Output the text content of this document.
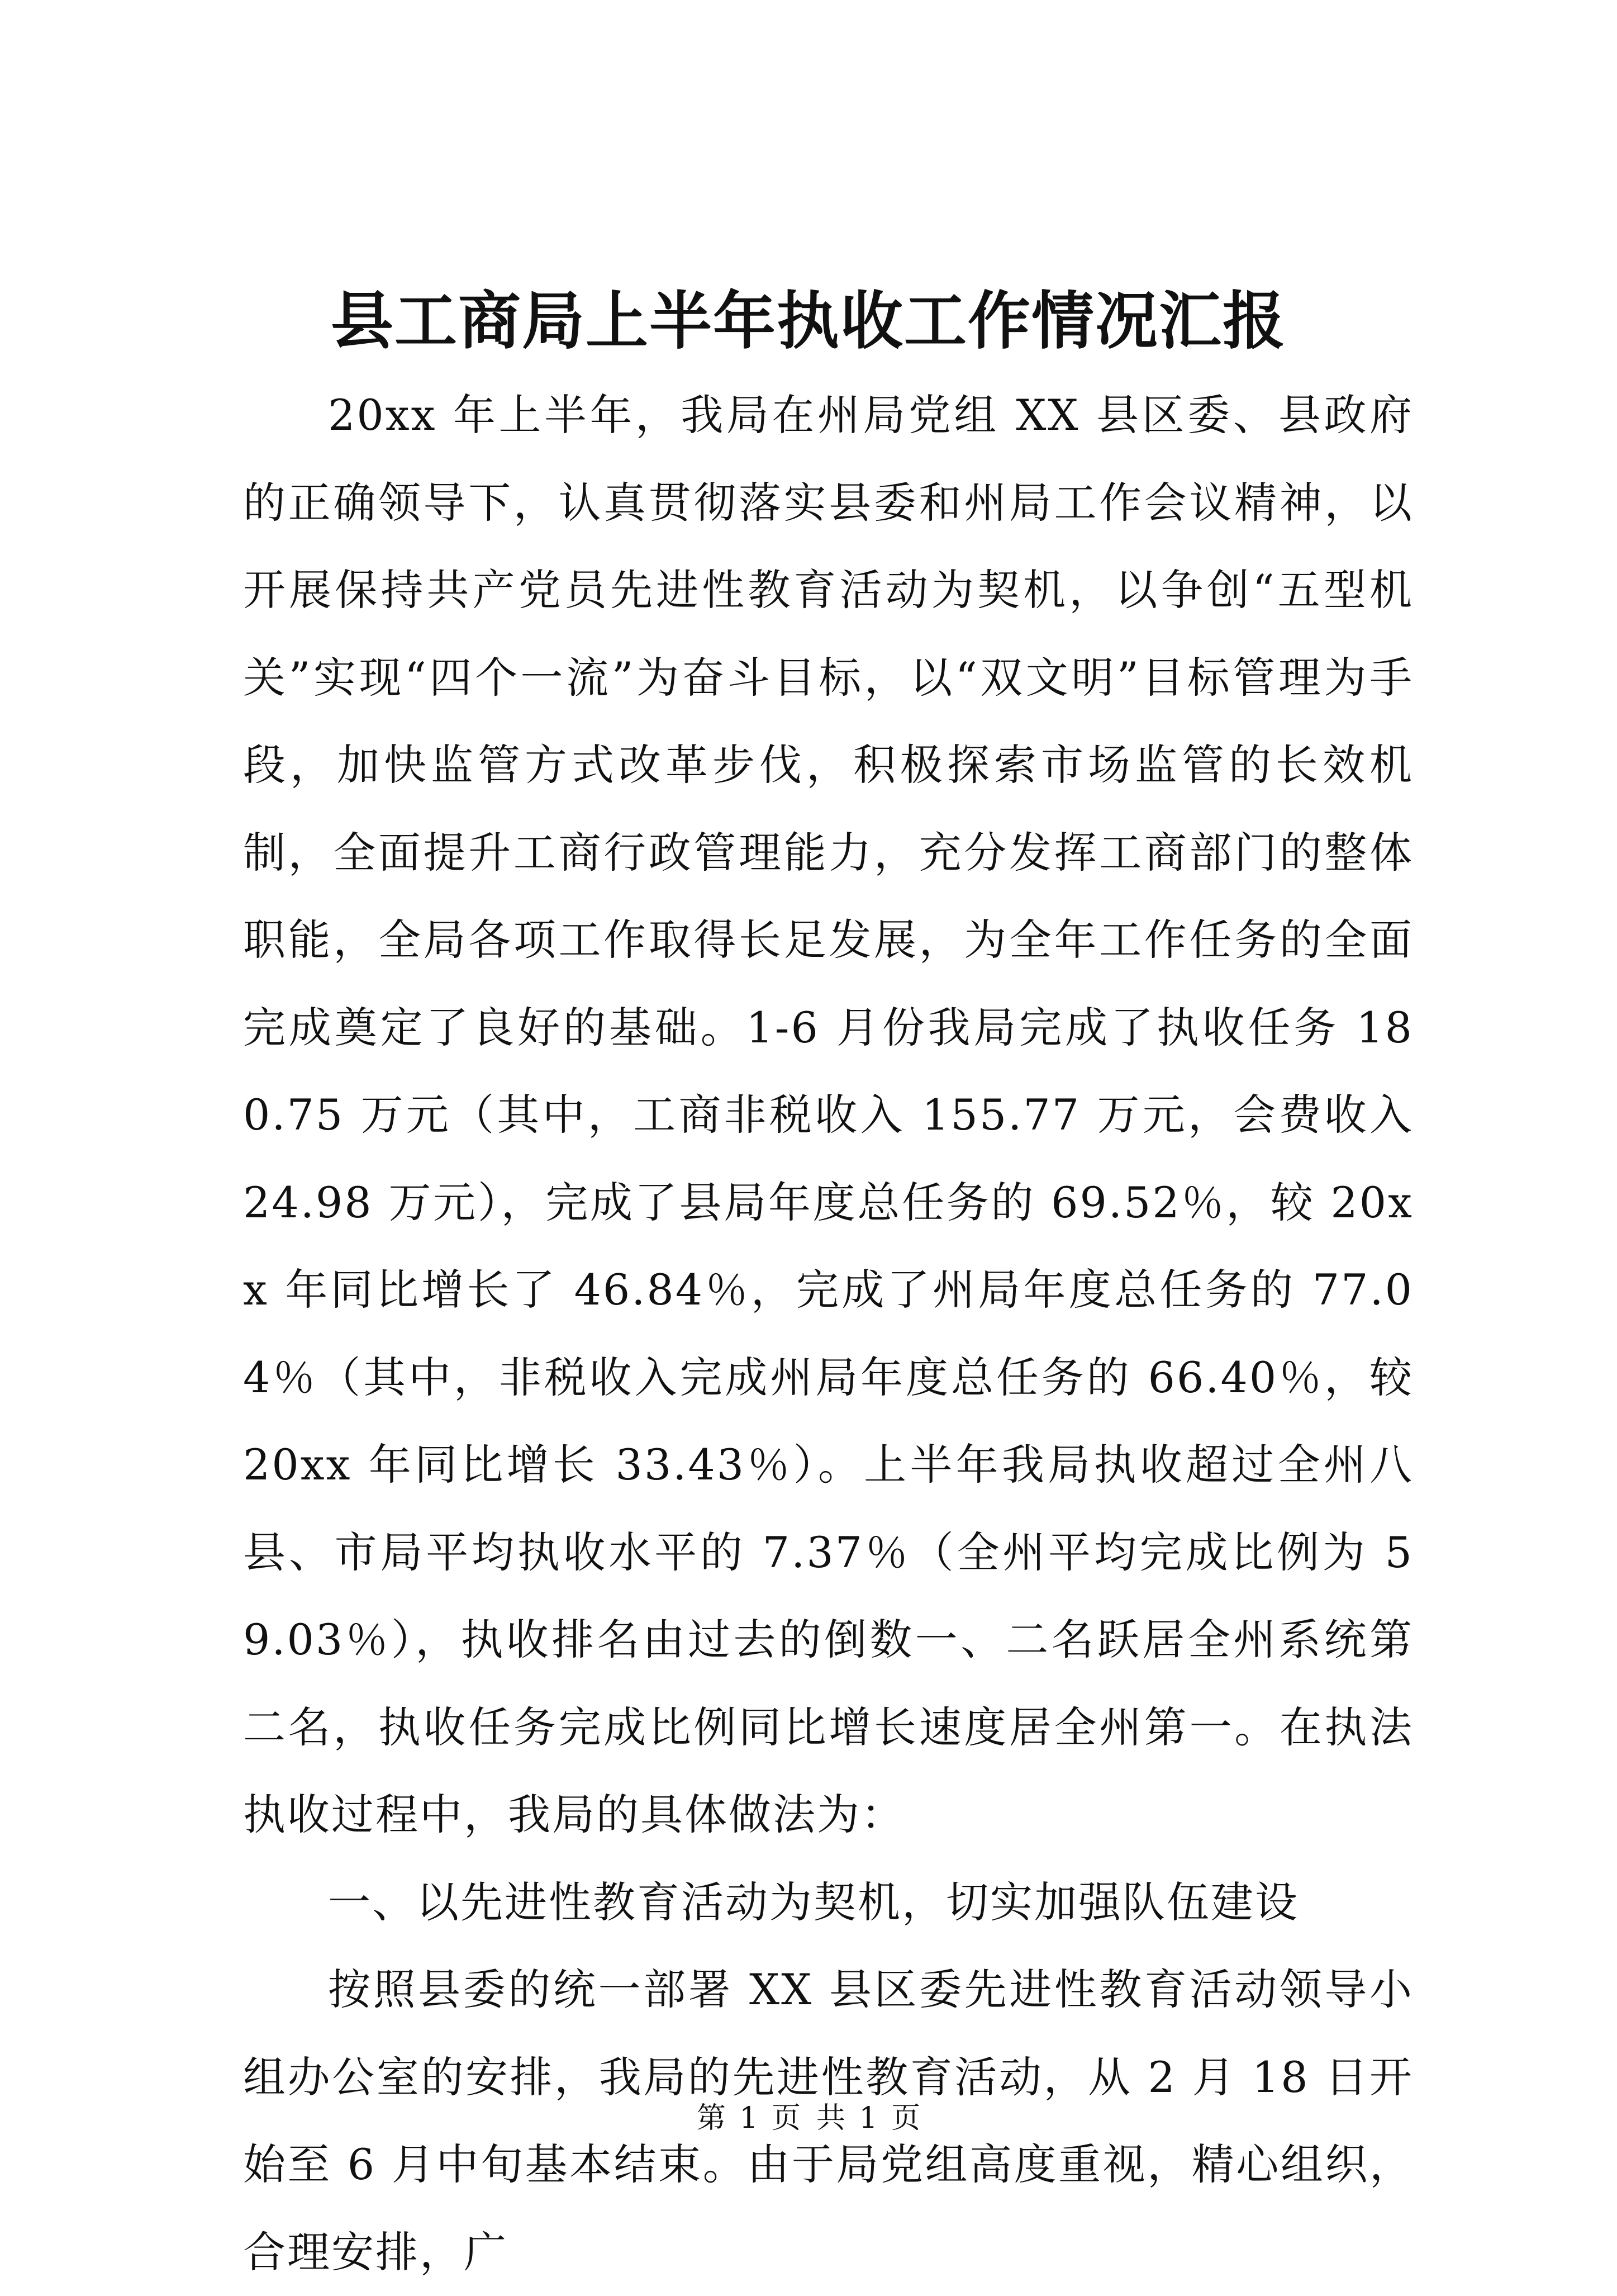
县工商局上半年执收工作情况汇报

20xx 年上半年，我局在州局党组 XX 县区委、县政府的正确领导下，认真贯彻落实县委和州局工作会议精神，以开展保持共产党员先进性教育活动为契机，以争创“五型机关”实现“四个一流”为奋斗目标，以“双文明”目标管理为手段，加快监管方式改革步伐，积极探索市场监管的长效机制，全面提升工商行政管理能力，充分发挥工商部门的整体职能，全局各项工作取得长足发展，为全年工作任务的全面完成奠定了良好的基础。1-6 月份我局完成了执收任务 180.75 万元（其中，工商非税收入 155.77 万元，会费收入 24.98 万元），完成了县局年度总任务的 69.52％，较 20xx 年同比增长了 46.84％，完成了州局年度总任务的 77.04％（其中，非税收入完成州局年度总任务的 66.40％，较 20xx 年同比增长 33.43％）。上半年我局执收超过全州八县、市局平均执收水平的 7.37％（全州平均完成比例为 59.03％），执收排名由过去的倒数一、二名跃居全州系统第二名，执收任务完成比例同比增长速度居全州第一。在执法执收过程中，我局的具体做法为：

一、以先进性教育活动为契机，切实加强队伍建设

按照县委的统一部署 XX 县区委先进性教育活动领导小组办公室的安排，我局的先进性教育活动，从 2 月 18 日开始至 6 月中旬基本结束。由于局党组高度重视，精心组织，合理安排，广

第 1 页 共 1 页
